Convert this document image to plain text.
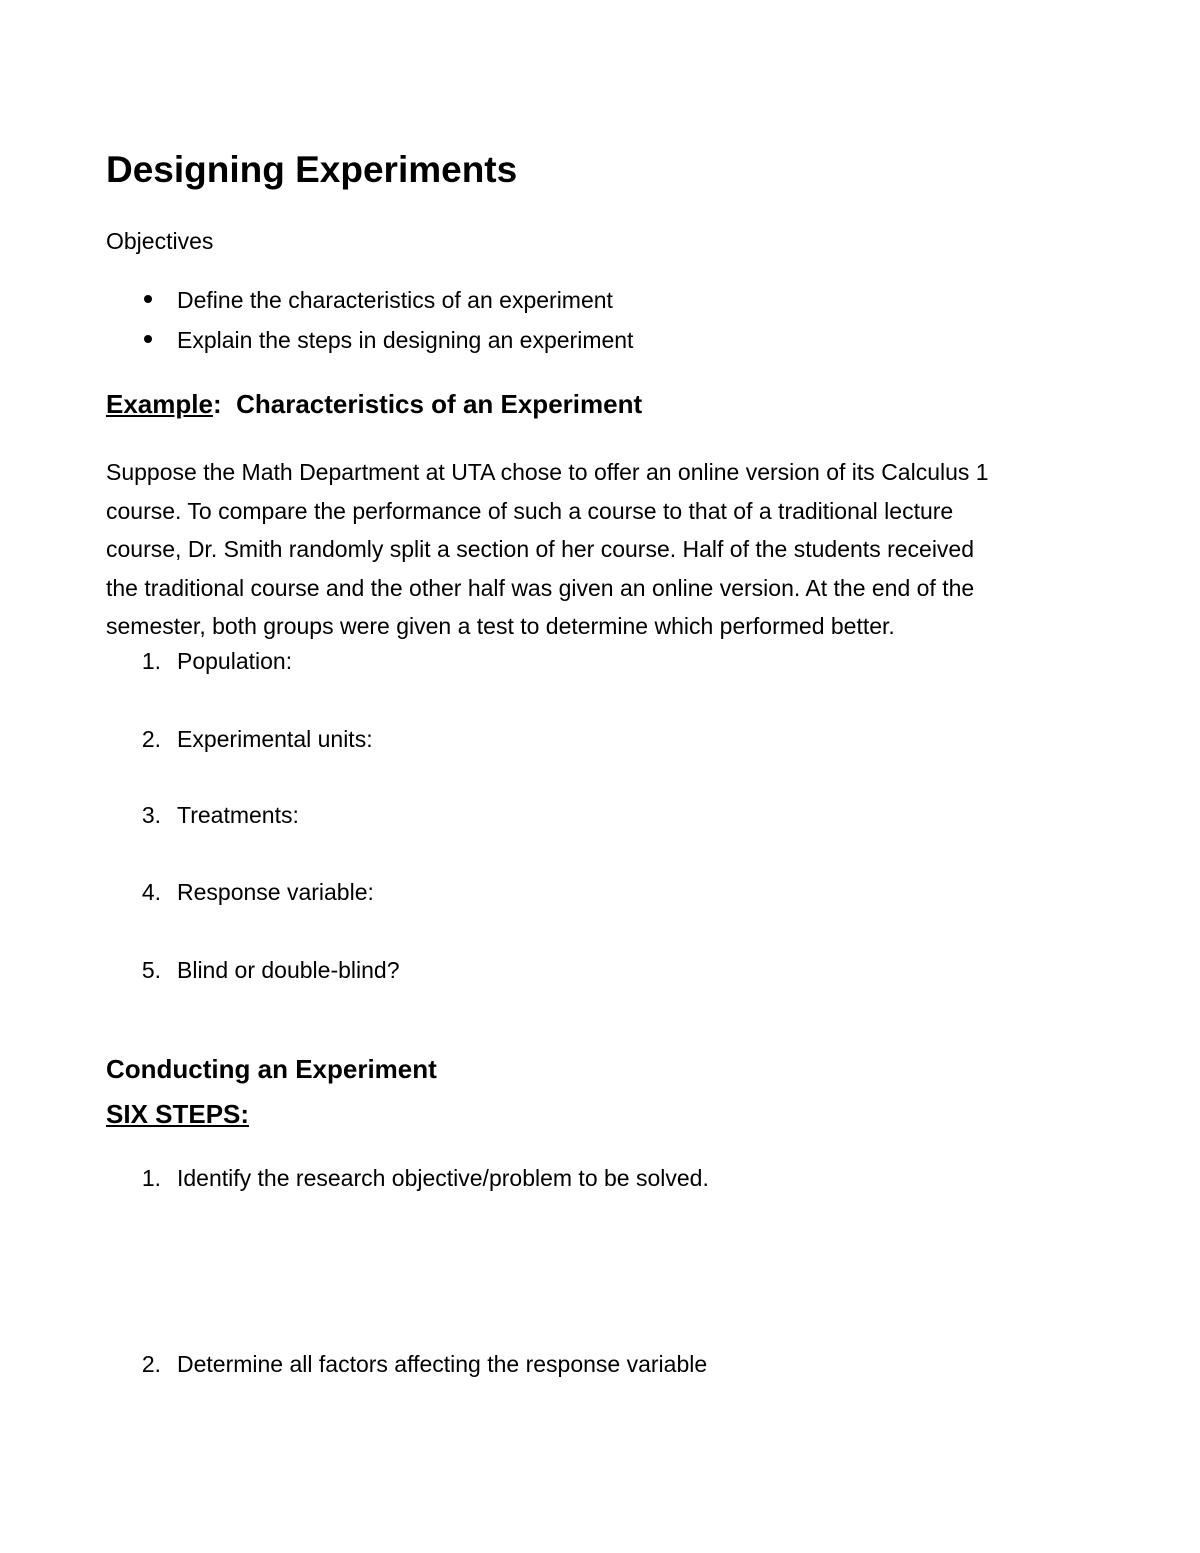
Designing Experiments
Objectives
Define the characteristics of an experiment
Explain the steps in designing an experiment
Example: Characteristics of an Experiment
Suppose the Math Department at UTA chose to offer an online version of its Calculus 1
course. To compare the performance of such a course to that of a traditional lecture
course, Dr. Smith randomly split a section of her course. Half of the students received
the traditional course and the other half was given an online version. At the end of the
semester, both groups were given a test to determine which performed better.
1. Population:
2. Experimental units:
3. Treatments:
4. Response variable:
5. Blind or double-blind?
Conducting an Experiment
SIX STEPS:
1. Identify the research objective/problem to be solved.
2. Determine all factors affecting the response variable
